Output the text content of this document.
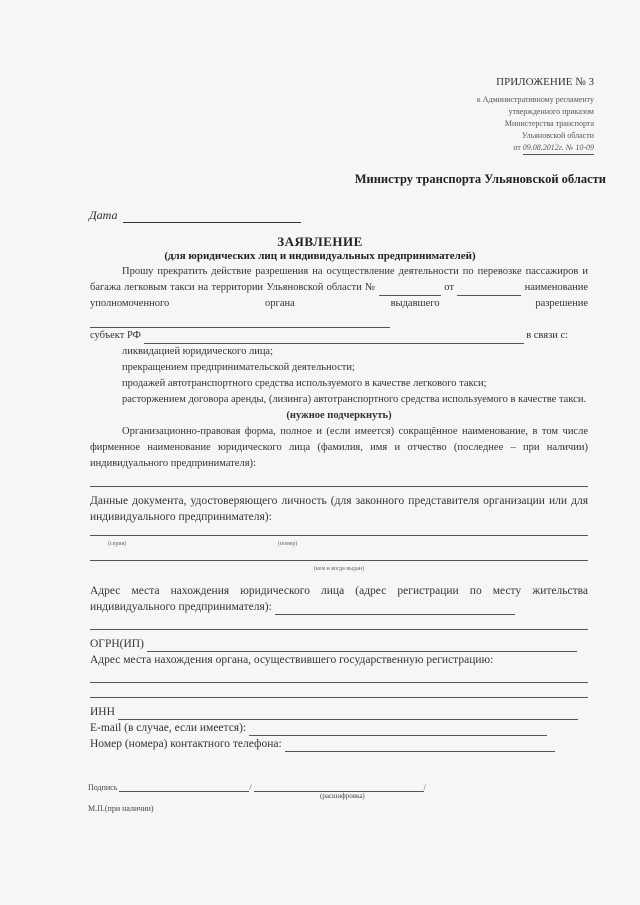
ПРИЛОЖЕНИЕ № 3
к Административному регламенту
утвержденного приказом
Министерства транспорта
Ульяновской области
от 09.08.2012г. № 10-09
Министру транспорта Ульяновской области
Дата
ЗАЯВЛЕНИЕ
(для юридических лиц и индивидуальных предпринимателей)

Прошу прекратить действие разрешения на осуществление деятельности по перевозке пассажиров и багажа легковым такси на территории Ульяновской области №	от	наименование уполномоченного органа выдавшего разрешение

субъект РФ	в связи с:
ликвидацией юридического лица;
прекращением предпринимательской деятельности;
продажей автотранспортного средства используемого в качестве легкового такси;
расторжением договора аренды, (лизинга) автотранспортного средства используемого в качестве такси.
(нужное подчеркнуть)

Организационно-правовая форма, полное и (если имеется) сокращённое наименование, в том числе фирменное наименование юридического лица (фамилия, имя и отчество (последнее – при наличии) индивидуального предпринимателя):

Данные документа, удостоверяющего личность (для законного представителя организации или для индивидуального предпринимателя):

(серия)	(номер)
(кем и когда выдан)

Адрес места нахождения юридического лица (адрес регистрации по месту жительства индивидуального предпринимателя):

ОГРН(ИП)

Адрес места нахождения органа, осуществившего государственную регистрацию:

ИНН
E-mail (в случае, если имеется):
Номер (номера) контактного телефона:
Подпись	/	/
(расшифровка)
М.П.(при наличии)
